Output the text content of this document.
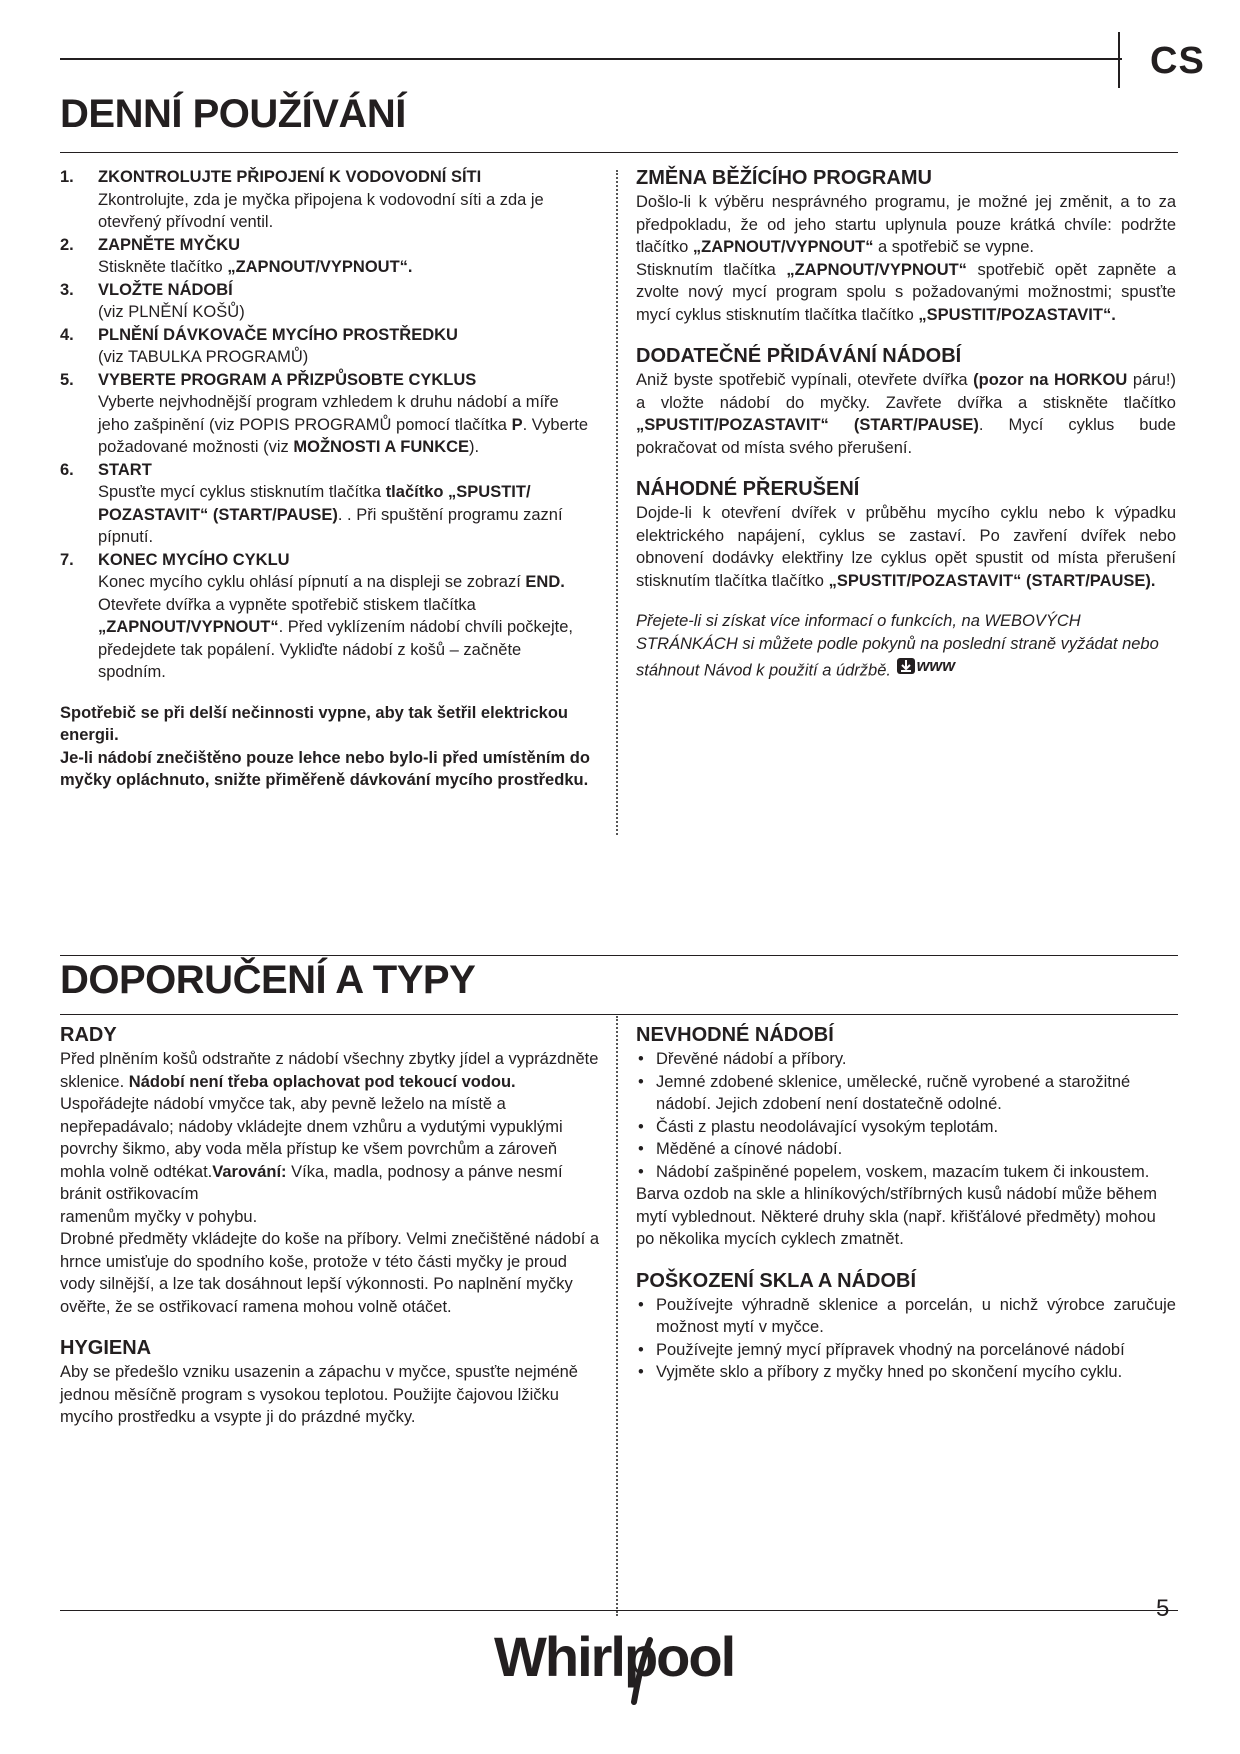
CS
DENNÍ POUŽÍVÁNÍ
1.	ZKONTROLUJTE PŘIPOJENÍ K VODOVODNÍ SÍTI
Zkontrolujte, zda je myčka připojena k vodovodní síti a zda je
otevřený přívodní ventil.
2.	ZAPNĚTE MYČKU
Stiskněte tlačítko „ZAPNOUT/VYPNOUT“.
3.	VLOŽTE NÁDOBÍ
(viz PLNĚNÍ KOŠŮ)
4.	PLNĚNÍ DÁVKOVAČE MYCÍHO PROSTŘEDKU
(viz TABULKA PROGRAMŮ)
5.	VYBERTE PROGRAM A PŘIZPŮSOBTE CYKLUS
Vyberte nejvhodnější program vzhledem k druhu nádobí a míře
jeho zašpinění (viz POPIS PROGRAMŮ pomocí tlačítka P. Vyberte
požadované možnosti (viz MOŽNOSTI A FUNKCE).
6.	START
Spusťte mycí cyklus stisknutím tlačítka tlačítko „SPUSTIT/
POZASTAVIT“ (START/PAUSE). . Při spuštění programu zazní
pípnutí.
7.	KONEC MYCÍHO CYKLU
Konec mycího cyklu ohlásí pípnutí a na displeji se zobrazí END.
Otevřete dvířka a vypněte spotřebič stiskem tlačítka
„ZAPNOUT/VYPNOUT“. Před vyklízením nádobí chvíli počkejte,
předejdete tak popálení. Vykliďte nádobí z košů – začněte
spodním.
Spotřebič se při delší nečinnosti vypne, aby tak šetřil elektrickou energii.
Je-li nádobí znečištěno pouze lehce nebo bylo-li před umístěním do myčky opláchnuto, snižte přiměřeně dávkování mycího prostředku.
ZMĚNA BĚŽÍCÍHO PROGRAMU
Došlo-li k výběru nesprávného programu, je možné jej změnit, a to za předpokladu, že od jeho startu uplynula pouze krátká chvíle: podržte tlačítko „ZAPNOUT/VYPNOUT“ a spotřebič se vypne.
Stisknutím tlačítka „ZAPNOUT/VYPNOUT“ spotřebič opět zapněte a zvolte nový mycí program spolu s požadovanými možnostmi; spusťte mycí cyklus stisknutím tlačítka tlačítko „SPUSTIT/POZASTAVIT“.
DODATEČNÉ PŘIDÁVÁNÍ NÁDOBÍ
Aniž byste spotřebič vypínali, otevřete dvířka (pozor na HORKOU páru!) a vložte nádobí do myčky. Zavřete dvířka a stiskněte tlačítko „SPUSTIT/POZASTAVIT“ (START/PAUSE). Mycí cyklus bude pokračovat od místa svého přerušení.
NÁHODNÉ PŘERUŠENÍ
Dojde-li k otevření dvířek v průběhu mycího cyklu nebo k výpadku elektrického napájení, cyklus se zastaví. Po zavření dvířek nebo obnovení dodávky elektřiny lze cyklus opět spustit od místa přerušení stisknutím tlačítka tlačítko „SPUSTIT/POZASTAVIT“ (START/PAUSE).
Přejete-li si získat více informací o funkcích, na WEBOVÝCH STRÁNKÁCH si můžete podle pokynů na poslední straně vyžádat nebo stáhnout Návod k použití a údržbě. www
DOPORUČENÍ A TYPY
RADY
Před plněním košů odstraňte z nádobí všechny zbytky jídel a vyprázdněte sklenice. Nádobí není třeba oplachovat pod tekoucí vodou.
Uspořádejte nádobí vmyčce tak, aby pevně leželo na místě a nepřepadávalo; nádoby vkládejte dnem vzhůru a vydutými vypuklými povrchy šikmo, aby voda měla přístup ke všem povrchům a zároveň mohla volně odtékat.Varování: Víka, madla, podnosy a pánve nesmí bránit ostřikovacím
ramenům myčky v pohybu.
Drobné předměty vkládejte do koše na příbory. Velmi znečištěné nádobí a hrnce umisťuje do spodního koše, protože v této části myčky je proud vody silnější, a lze tak dosáhnout lepší výkonnosti. Po naplnění myčky ověřte, že se ostřikovací ramena mohou volně otáčet.
HYGIENA
Aby se předešlo vzniku usazenin a zápachu v myčce, spusťte nejméně jednou měsíčně program s vysokou teplotou. Použijte čajovou lžičku mycího prostředku a vsypte ji do prázdné myčky.
NEVHODNÉ NÁDOBÍ
• Dřevěné nádobí a příbory.
• Jemné zdobené sklenice, umělecké, ručně vyrobené a starožitné nádobí. Jejich zdobení není dostatečně odolné.
• Části z plastu neodolávající vysokým teplotám.
• Měděné a cínové nádobí.
• Nádobí zašpiněné popelem, voskem, mazacím tukem či inkoustem.
Barva ozdob na skle a hliníkových/stříbrných kusů nádobí může během mytí vyblednout. Některé druhy skla (např. křišťálové předměty) mohou po několika mycích cyklech zmatnět.
POŠKOZENÍ SKLA A NÁDOBÍ
• Používejte výhradně sklenice a porcelán, u nichž výrobce zaručuje možnost mytí v myčce.
• Používejte jemný mycí přípravek vhodný na porcelánové nádobí
• Vyjměte sklo a příbory z myčky hned po skončení mycího cyklu.
5
Whirlpool
